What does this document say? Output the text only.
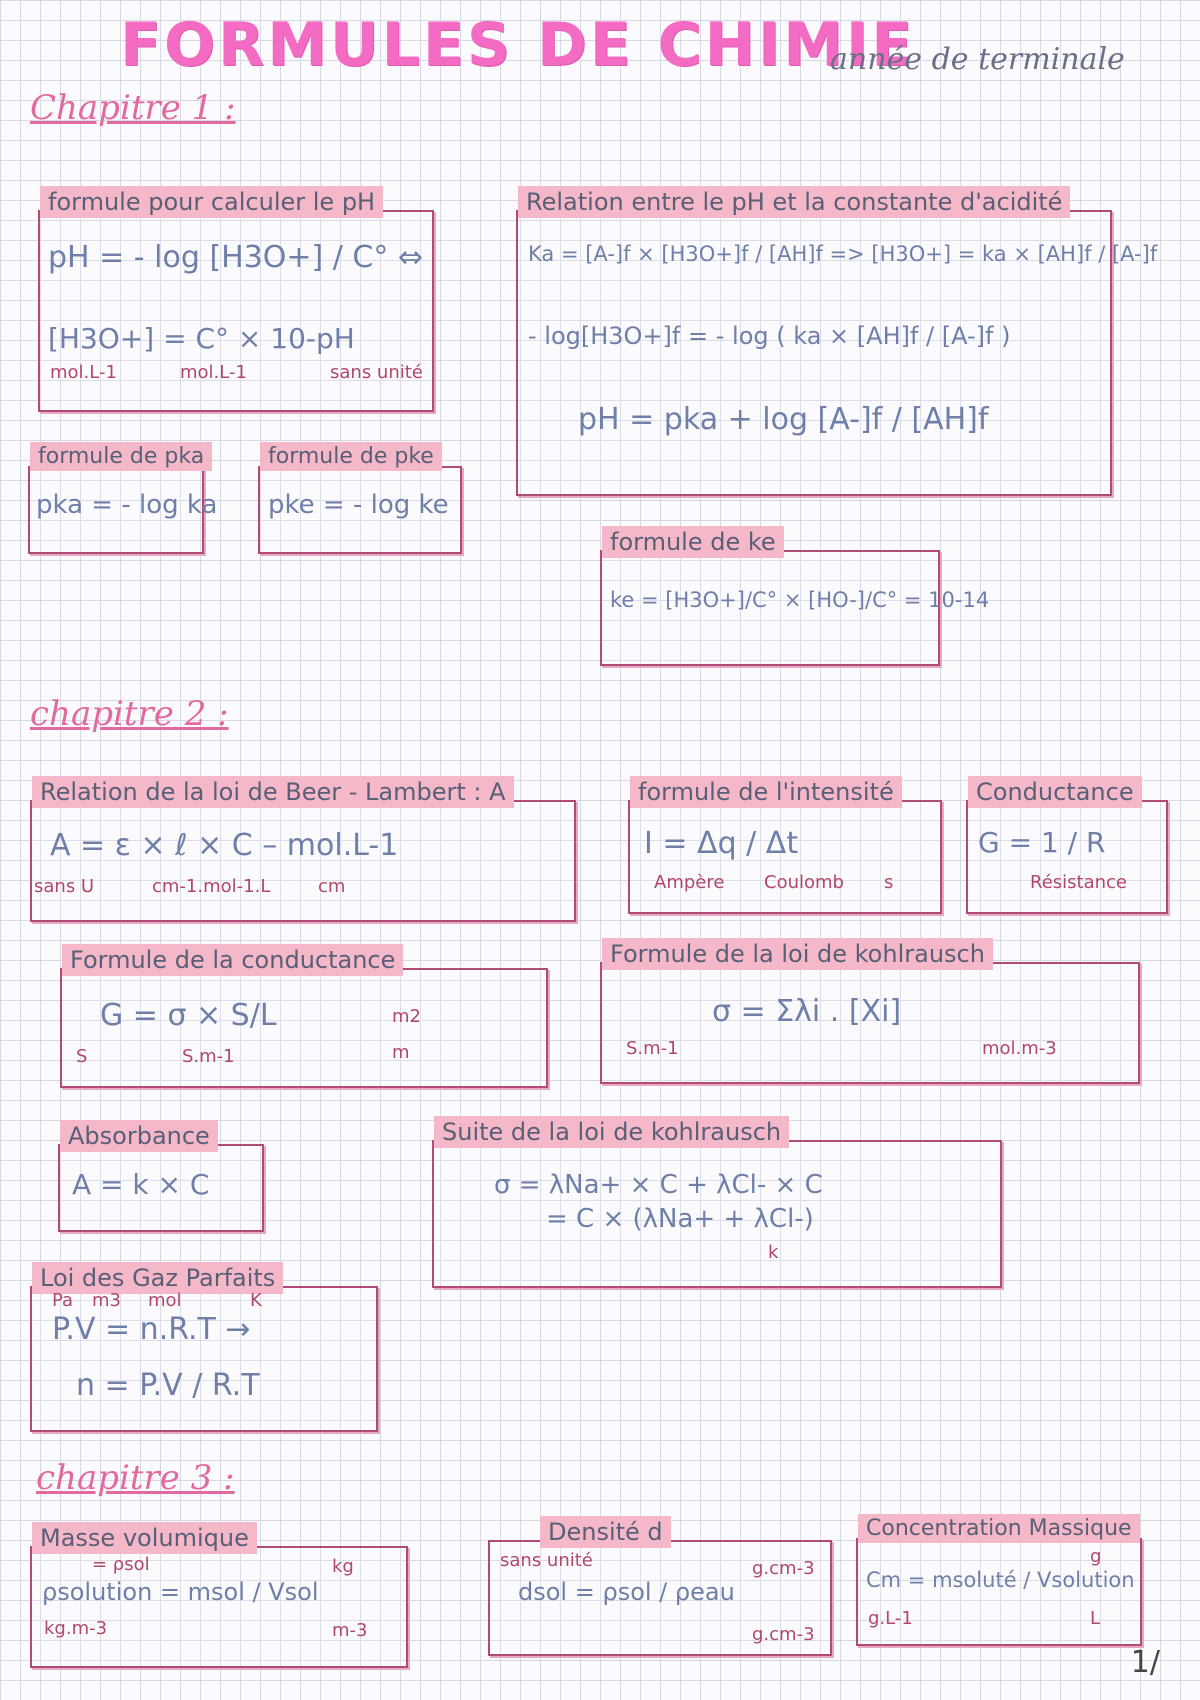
FORMULES DE CHIMIE
année de terminale
Chapitre 1 :
formule pour calculer le pH
pH = - log [H3O+] / C° ⇔
[H3O+] = C° × 10-pH
mol.L-1	mol.L-1	sans unité
Relation entre le pH et la constante d'acidité
Ka = [A-]f × [H3O+]f / [AH]f => [H3O+] = ka × [AH]f / [A-]f
- log[H3O+]f = - log ( ka × [AH]f / [A-]f )
pH = pka + log [A-]f / [AH]f
formule de pka
pka = - log ka
formule de pke
pke = - log ke
formule de ke
ke = [H3O+]/C° × [HO-]/C° = 10-14
chapitre 2 :
Relation de la loi de Beer - Lambert : A
A = ε × ℓ × C – mol.L-1
sans U	cm-1.mol-1.L	cm
formule de l'intensité
I = Δq / Δt
Ampère Coulomb s
Conductance
G = 1 / R
Résistance
Formule de la conductance
G = σ × S/L
S	S.m-1
m2
m
Formule de la loi de kohlrausch
σ = Σλi . [Xi]
S.m-1	mol.m-3
Absorbance
A = k × C
Suite de la loi de kohlrausch
σ = λNa+ × C + λCl- × C
= C × (λNa+ + λCl-)
k
Loi des Gaz Parfaits
Pa m3 mol	K
P.V = n.R.T →
n = P.V / R.T
chapitre 3 :
Masse volumique
= ρsol
ρsolution = msol / Vsol
kg.m-3
kg
m-3
Densité d
sans unité
dsol = ρsol / ρeau
g.cm-3
g.cm-3
Concentration Massique
Cm = msoluté / Vsolution
g.L-1
g
L
1/
